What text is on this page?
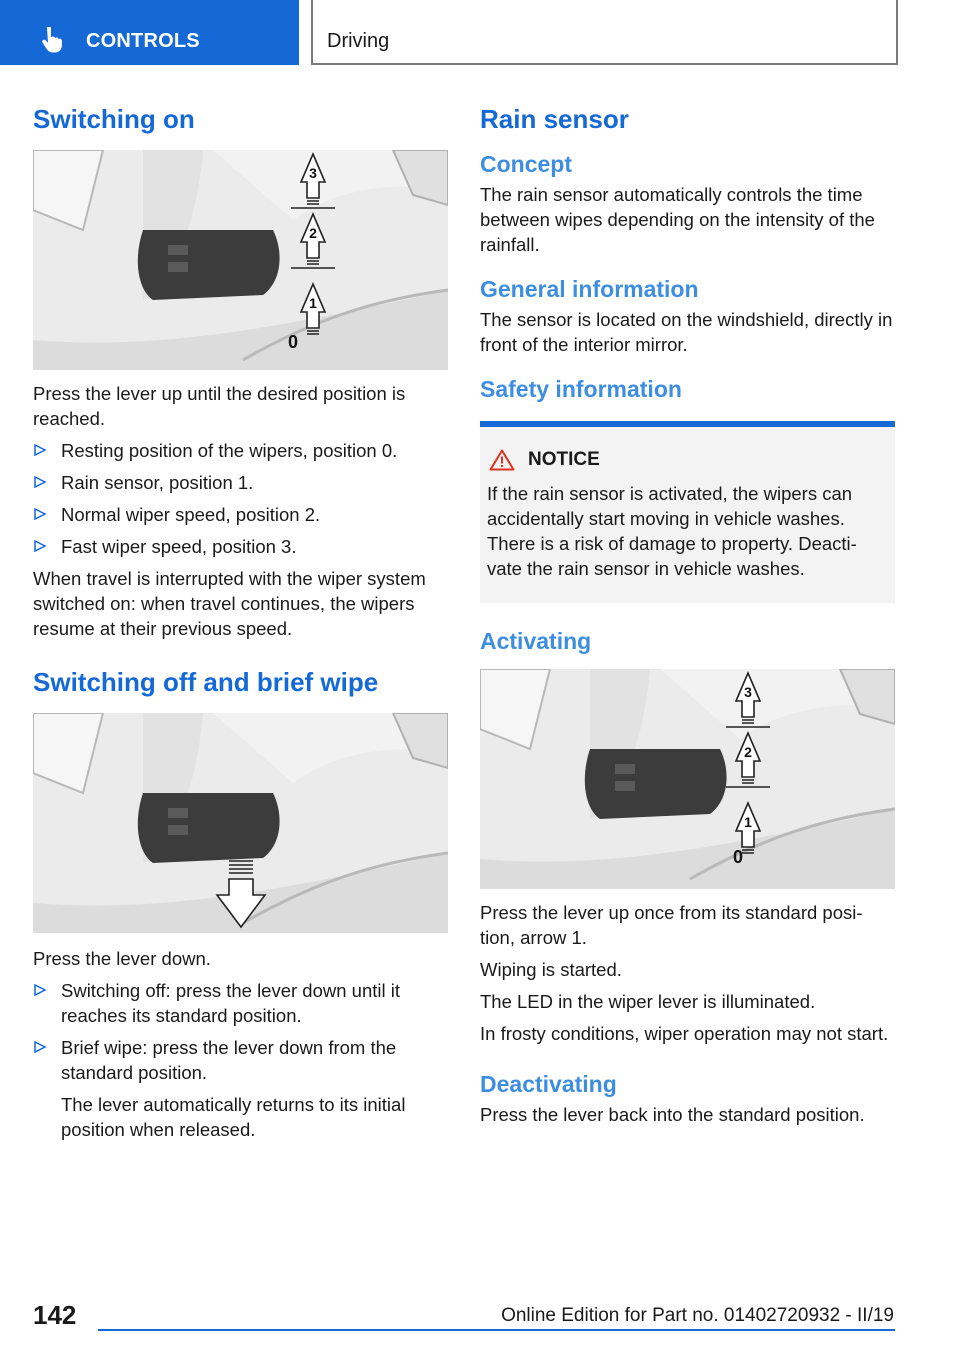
CONTROLS	Driving
Switching on
3
2
1
0

Press the lever up until the desired position is reached.

Resting position of the wipers, position 0.
Rain sensor, position 1.
Normal wiper speed, position 2.
Fast wiper speed, position 3.

When travel is interrupted with the wiper system switched on: when travel continues, the wipers resume at their previous speed.

Switching off and brief wipe

Press the lever down.

Switching off: press the lever down until it reaches its standard position.
Brief wipe: press the lever down from the standard position.
The lever automatically returns to its initial position when released.
Rain sensor
Concept

The rain sensor automatically controls the time between wipes depending on the intensity of the rainfall.

General information

The sensor is located on the windshield, directly in front of the interior mirror.

Safety information
NOTICE

If the rain sensor is activated, the wipers can accidentally start moving in vehicle washes. There is a risk of damage to property. Deacti-vate the rain sensor in vehicle washes.

Activating
3
2
1
0

Press the lever up once from its standard posi-tion, arrow 1.

Wiping is started.

The LED in the wiper lever is illuminated.

In frosty conditions, wiper operation may not start.

Deactivating

Press the lever back into the standard position.

142	Online Edition for Part no. 01402720932 - II/19
